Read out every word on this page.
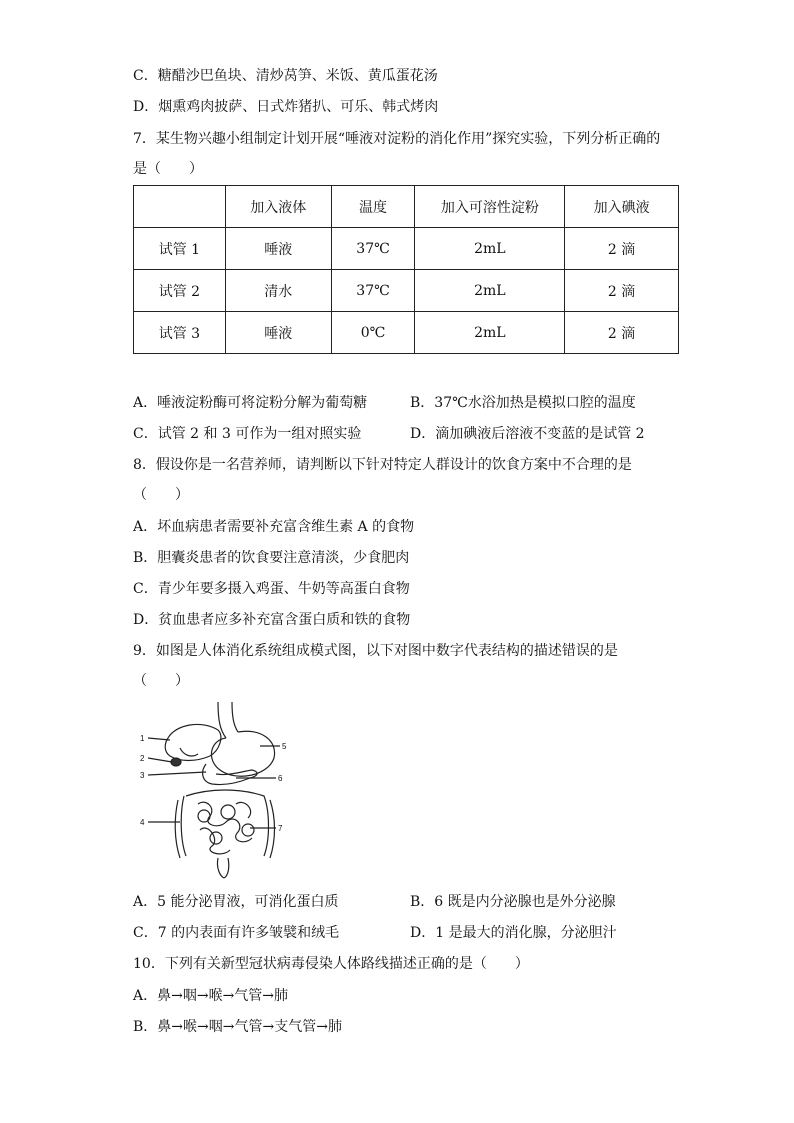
C．糖醋沙巴鱼块、清炒莴笋、米饭、黄瓜蛋花汤
D．烟熏鸡肉披萨、日式炸猪扒、可乐、韩式烤肉
7．某生物兴趣小组制定计划开展“唾液对淀粉的消化作用”探究实验，下列分析正确的
是（　　）
	加入液体	温度	加入可溶性淀粉	加入碘液
试管 1	唾液	37℃	2mL	2 滴
试管 2	清水	37℃	2mL	2 滴
试管 3	唾液	0℃	2mL	2 滴
A．唾液淀粉酶可将淀粉分解为葡萄糖	B．37℃水浴加热是模拟口腔的温度
C．试管 2 和 3 可作为一组对照实验	D．滴加碘液后溶液不变蓝的是试管 2
8．假设你是一名营养师，请判断以下针对特定人群设计的饮食方案中不合理的是
（　　）
A．坏血病患者需要补充富含维生素 A 的食物
B．胆囊炎患者的饮食要注意清淡，少食肥肉
C．青少年要多摄入鸡蛋、牛奶等高蛋白食物
D．贫血患者应多补充富含蛋白质和铁的食物
9．如图是人体消化系统组成模式图，以下对图中数字代表结构的描述错误的是
（　　）
1
2
3
4
5
6
7
A．5 能分泌胃液，可消化蛋白质	B．6 既是内分泌腺也是外分泌腺
C．7 的内表面有许多皱襞和绒毛	D．1 是最大的消化腺，分泌胆汁
10．下列有关新型冠状病毒侵染人体路线描述正确的是（　　）
A．鼻→咽→喉→气管→肺
B．鼻→喉→咽→气管→支气管→肺
